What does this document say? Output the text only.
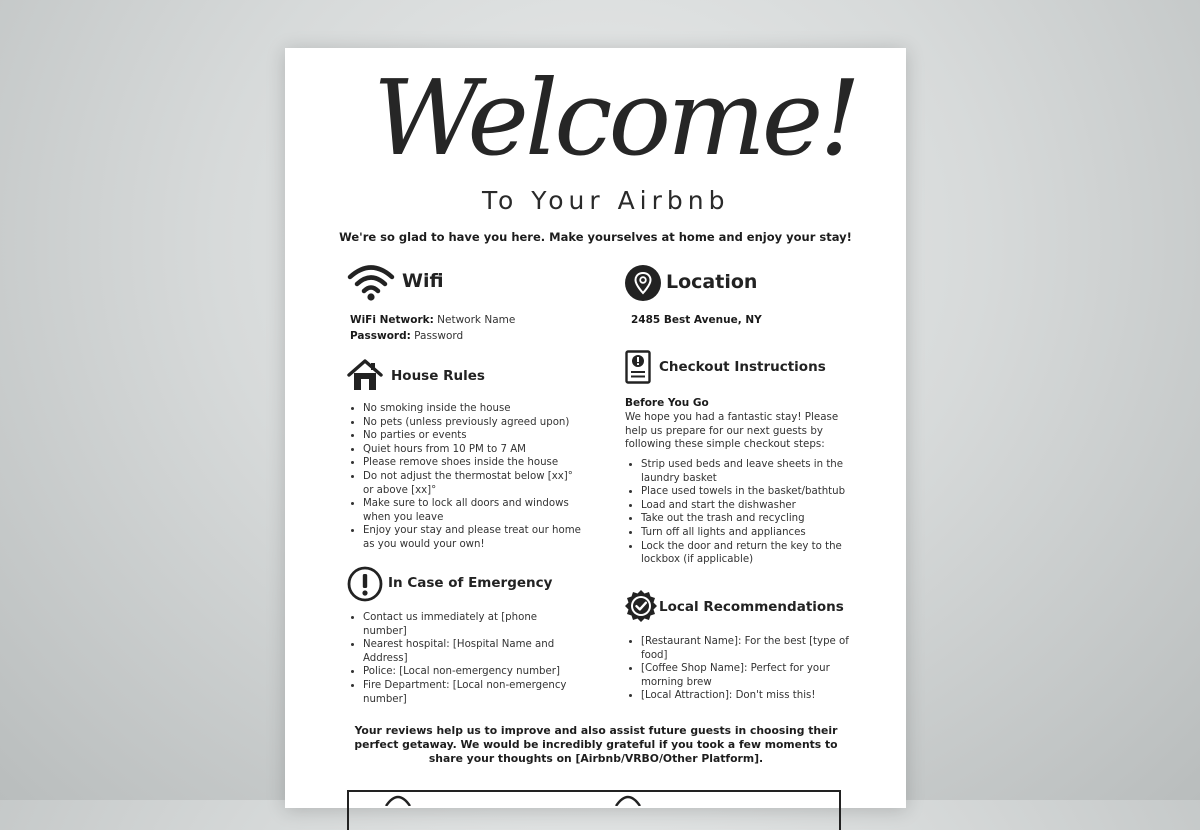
Welcome!
To Your Airbnb
We're so glad to have you here. Make yourselves at home and enjoy your stay!
Wifi
WiFi Network: Network Name
Password: Password
Location
2485 Best Avenue, NY
House Rules
• No smoking inside the house
• No pets (unless previously agreed upon)
• No parties or events
• Quiet hours from 10 PM to 7 AM
• Please remove shoes inside the house
• Do not adjust the thermostat below [xx]° or above [xx]°
• Make sure to lock all doors and windows when you leave
• Enjoy your stay and please treat our home as you would your own!
Checkout Instructions
Before You Go
We hope you had a fantastic stay! Please help us prepare for our next guests by following these simple checkout steps:
• Strip used beds and leave sheets in the laundry basket
• Place used towels in the basket/bathtub
• Load and start the dishwasher
• Take out the trash and recycling
• Turn off all lights and appliances
• Lock the door and return the key to the lockbox (if applicable)
In Case of Emergency
• Contact us immediately at [phone number]
• Nearest hospital: [Hospital Name and Address]
• Police: [Local non-emergency number]
• Fire Department: [Local non-emergency number]
Local Recommendations
• [Restaurant Name]: For the best [type of food]
• [Coffee Shop Name]: Perfect for your morning brew
• [Local Attraction]: Don't miss this!
Your reviews help us to improve and also assist future guests in choosing their perfect getaway. We would be incredibly grateful if you took a few moments to share your thoughts on [Airbnb/VRBO/Other Platform].
